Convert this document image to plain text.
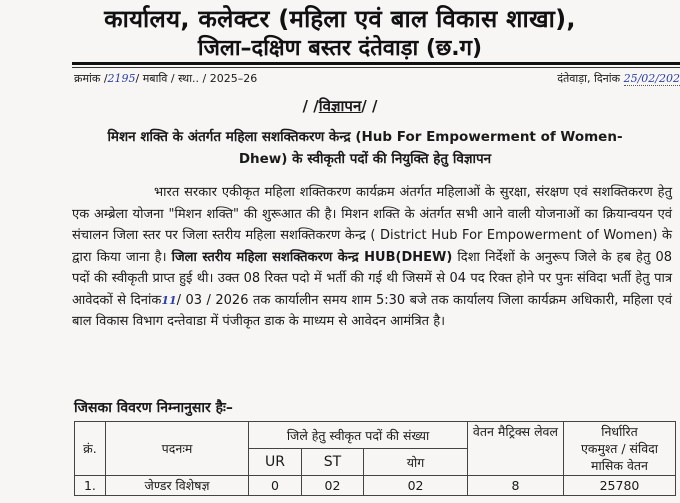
कार्यालय, कलेक्टर (महिला एवं बाल विकास शाखा),
जिला–दक्षिण बस्तर दंतेवाड़ा (छ.ग)
क्रमांक /2195/ मबावि / स्था.. / 2025–26	दंतेवाड़ा, दिनांक 25/02/202
/ /विज्ञापन/ /
मिशन शक्ति के अंतर्गत महिला सशक्तिकरण केन्द्र (Hub For Empowerment of Women-
Dhew) के स्वीकृती पदों की नियुक्ति हेतु विज्ञापन

भारत सरकार एकीकृत महिला शक्तिकरण कार्यक्रम अंतर्गत महिलाओं के सुरक्षा, संरक्षण एवं सशक्तिकरण हेतु एक अम्ब्रेला योजना "मिशन शक्ति" की शुरूआत की है। मिशन शक्ति के अंतर्गत सभी आने वाली योजनाओं का क्रियान्वयन एवं संचालन जिला स्तर पर जिला स्तरीय महिला सशक्तिकरण केन्द्र ( District Hub For Empowerment of Women) के द्वारा किया जाना है। जिला स्तरीय महिला सशक्तिकरण केन्द्र HUB(DHEW) दिशा निर्देशों के अनुरूप जिले के हब हेतु 08 पदों की स्वीकृती प्राप्त हुई थी। उक्त 08 रिक्त पदो में भर्ती की गई थी जिसमें से 04 पद रिक्त होने पर पुनः संविदा भर्ती हेतु पात्र आवेदकों से दिनांक11/ 03 / 2026 तक कार्यालीन समय शाम 5:30 बजे तक कार्यालय जिला कार्यक्रम अधिकारी, महिला एवं बाल विकास विभाग दन्तेवाडा में पंजीकृत डाक के माध्यम से आवेदन आमंत्रित है।

जिसका विवरण निम्नानुसार हैः–
क्रं.	पदनःम	जिले हेतु स्वीकृत पदों की संख्या			वेतन मैट्रिक्स लेवल	निर्धारित
एकमुश्त / संविदा
मासिक वेतन

		UR	ST	योग		
1.	जेण्डर विशेषज्ञ	0	02	02	8	25780
